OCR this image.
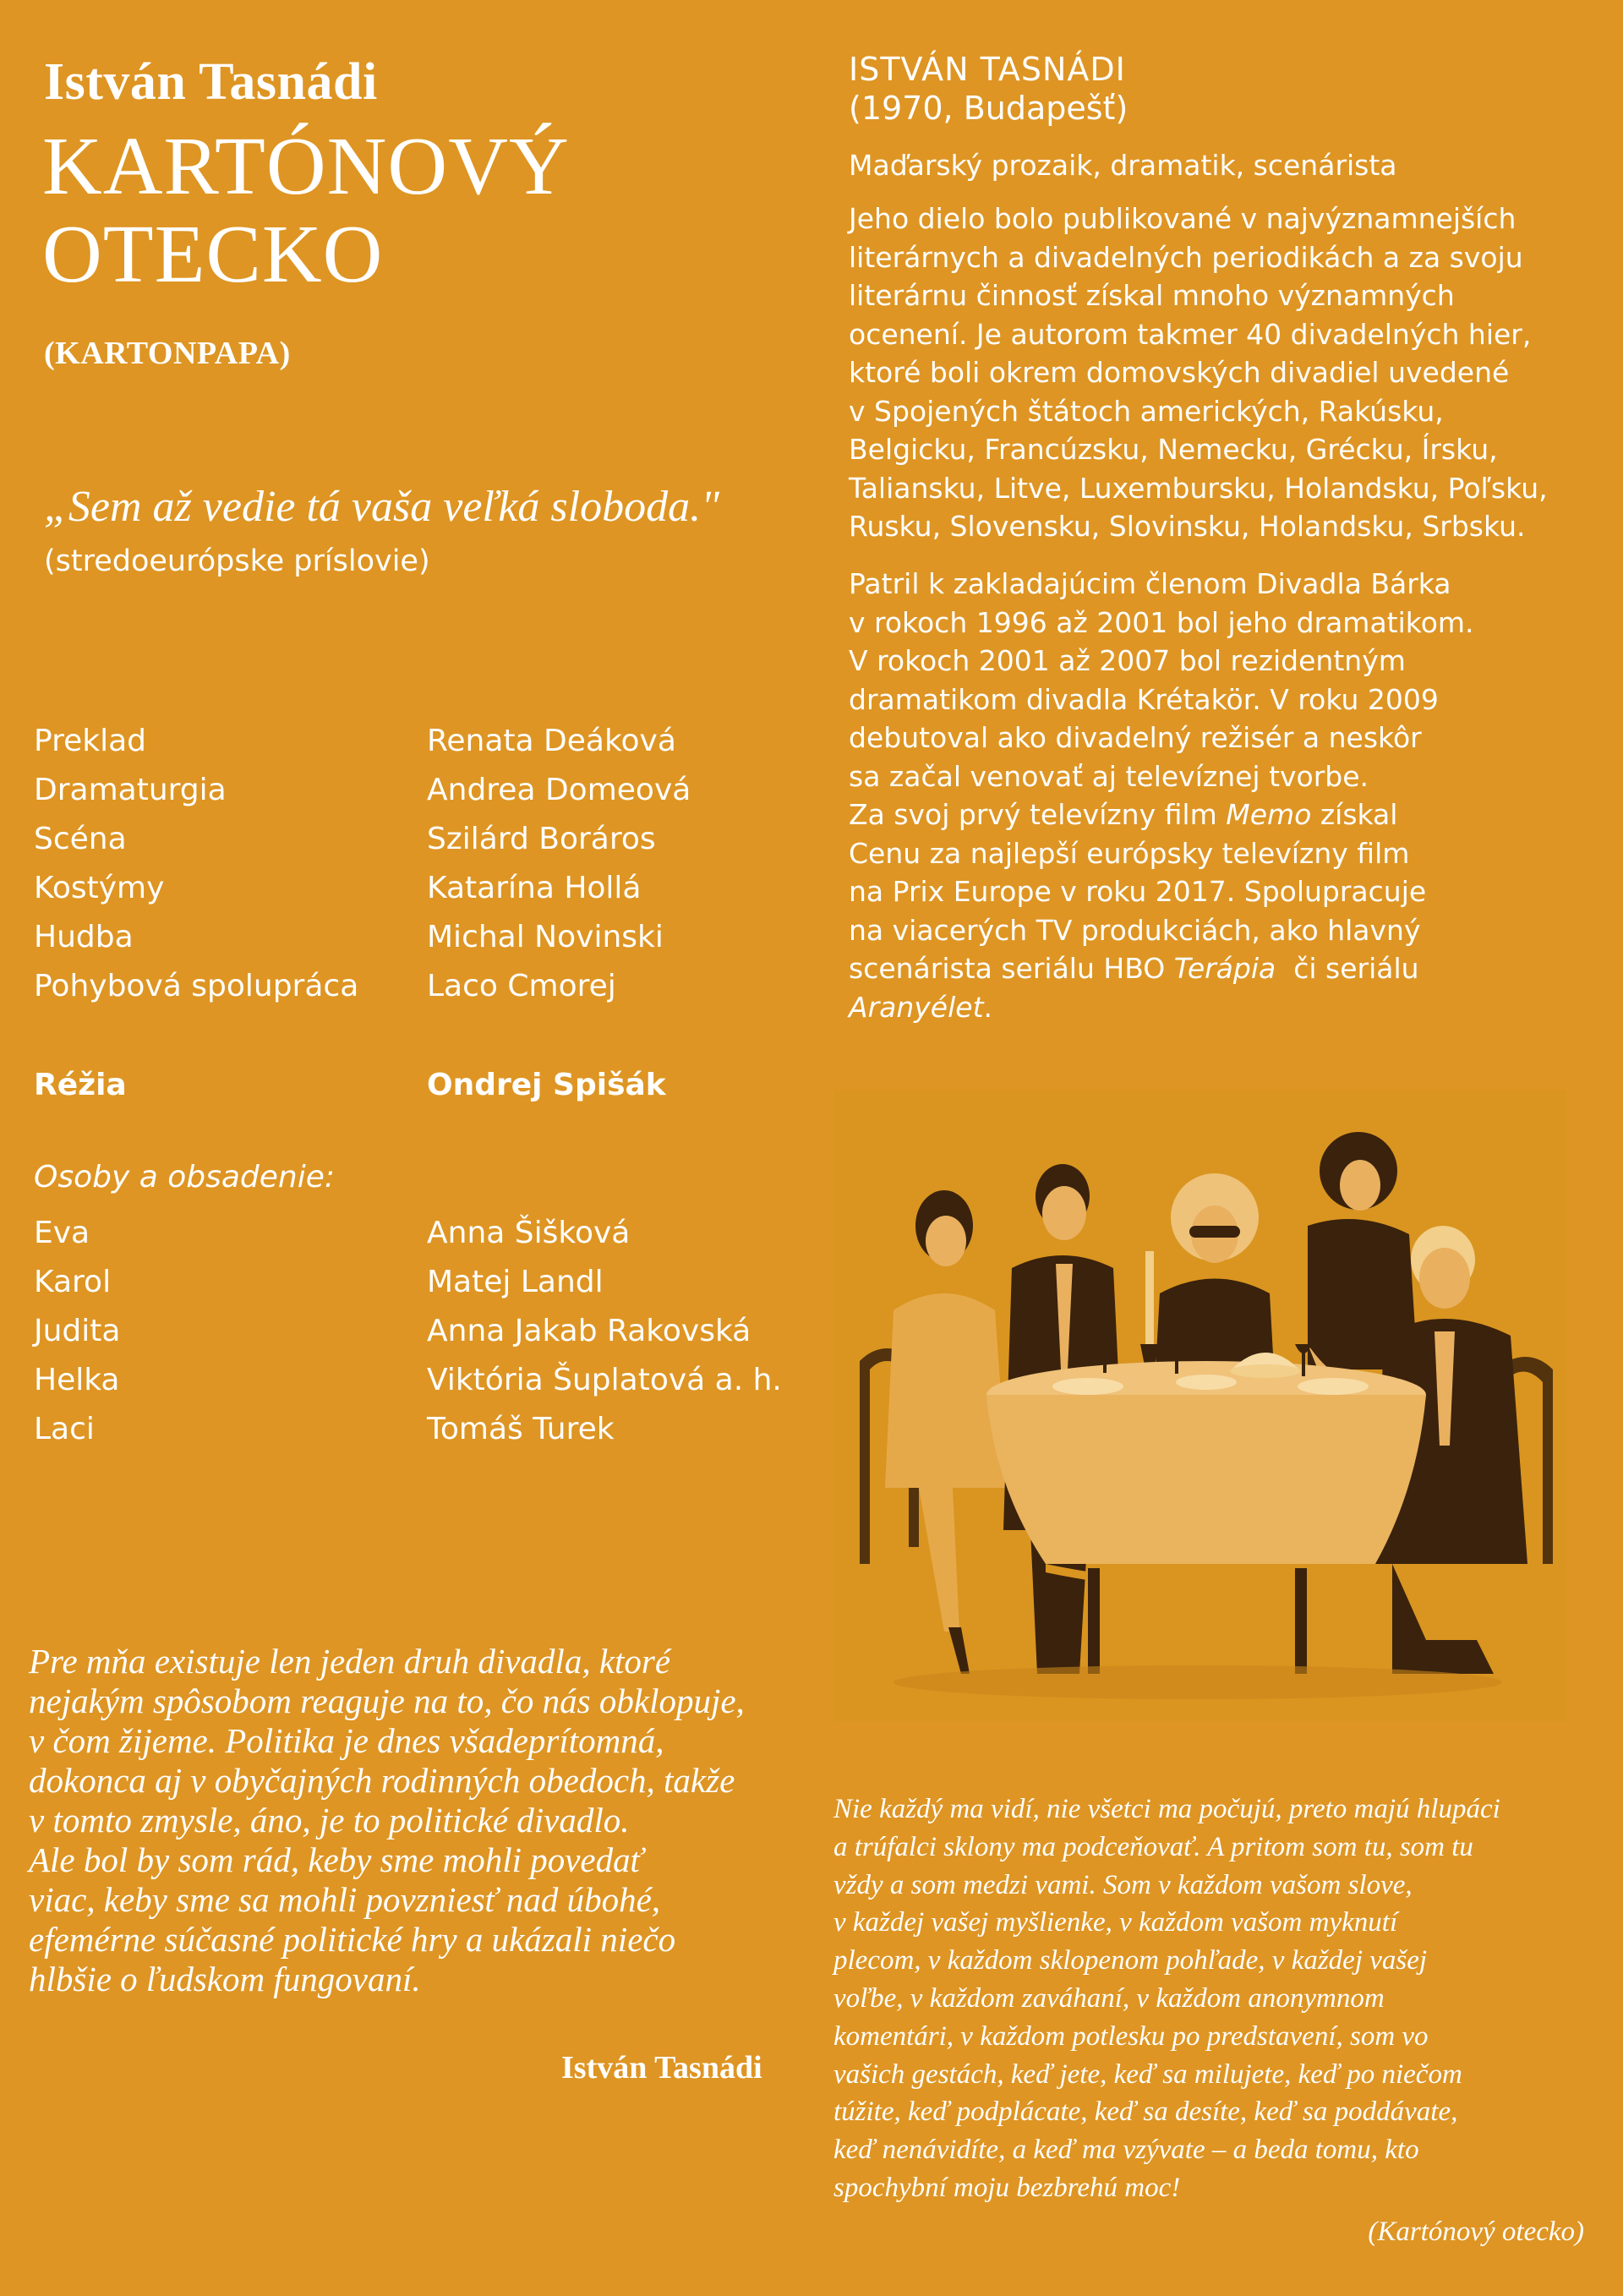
István Tasnádi
KARTÓNOVÝ
OTECKO
(KARTONPAPA)
„Sem až vedie tá vaša veľká sloboda."
(stredoeurópske príslovie)
Preklad	Renata Deáková
Dramaturgia	Andrea Domeová
Scéna	Szilárd Boráros
Kostýmy	Katarína Hollá
Hudba	Michal Novinski
Pohybová spolupráca	Laco Cmorej
Réžia	Ondrej Spišák
Osoby a obsadenie:
Eva	Anna Šišková
Karol	Matej Landl
Judita	Anna Jakab Rakovská
Helka	Viktória Šuplatová a. h.
Laci	Tomáš Turek

Pre mňa existuje len jeden druh divadla, ktoré

nejakým spôsobom reaguje na to, čo nás obklopuje,

v čom žijeme. Politika je dnes všadeprítomná,

dokonca aj v obyčajných rodinných obedoch, takže

v tomto zmysle, áno, je to politické divadlo.

Ale bol by som rád, keby sme mohli povedať

viac, keby sme sa mohli povzniesť nad úbohé,

efemérne súčasné politické hry a ukázali niečo

hlbšie o ľudskom fungovaní.

István Tasnádi
ISTVÁN TASNÁDI
(1970, Budapešť)
Maďarský prozaik, dramatik, scenárista

Jeho dielo bolo publikované v najvýznamnejších

literárnych a divadelných periodikách a za svoju

literárnu činnosť získal mnoho významných

ocenení. Je autorom takmer 40 divadelných hier,

ktoré boli okrem domovských divadiel uvedené

v Spojených štátoch amerických, Rakúsku,

Belgicku, Francúzsku, Nemecku, Grécku, Írsku,

Taliansku, Litve, Luxembursku, Holandsku, Poľsku,

Rusku, Slovensku, Slovinsku, Holandsku, Srbsku.

Patril k zakladajúcim členom Divadla Bárka

v rokoch 1996 až 2001 bol jeho dramatikom.

V rokoch 2001 až 2007 bol rezidentným

dramatikom divadla Krétakör. V roku 2009

debutoval ako divadelný režisér a neskôr

sa začal venovať aj televíznej tvorbe.

Za svoj prvý televízny film Memo získal

Cenu za najlepší európsky televízny film

na Prix Europe v roku 2017. Spolupracuje

na viacerých TV produkciách, ako hlavný

scenárista seriálu HBO Terápia  či seriálu

Aranyélet.

Nie každý ma vidí, nie všetci ma počujú, preto majú hlupáci

a trúfalci sklony ma podceňovať. A pritom som tu, som tu

vždy a som medzi vami. Som v každom vašom slove,

v každej vašej myšlienke, v každom vašom myknutí

plecom, v každom sklopenom pohľade, v každej vašej

voľbe, v každom zaváhaní, v každom anonymnom

komentári, v každom potlesku po predstavení, som vo

vašich gestách, keď jete, keď sa milujete, keď po niečom

túžite, keď podplácate, keď sa desíte, keď sa poddávate,

keď nenávidíte, a keď ma vzývate – a beda tomu, kto

spochybní moju bezbrehú moc!

(Kartónový otecko)
